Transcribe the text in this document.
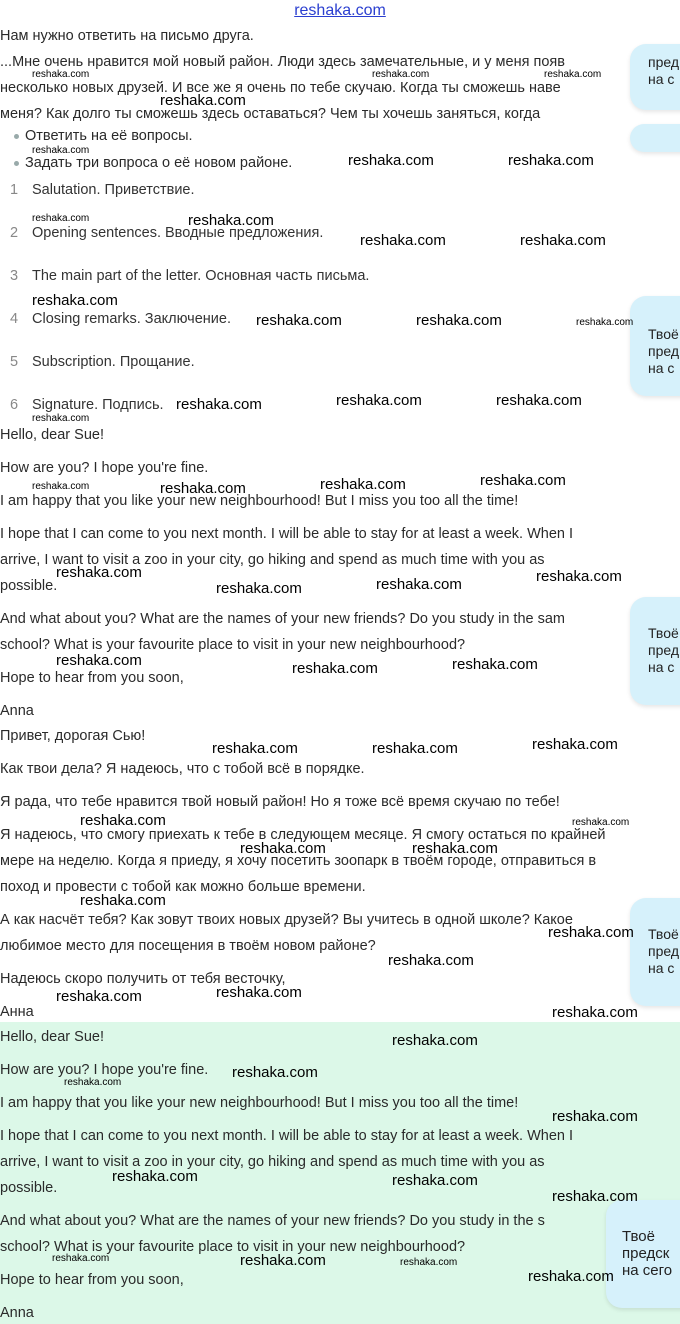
reshaka.com
Нам нужно ответить на письмо друга.
...Мне очень нравится мой новый район. Люди здесь замечательные, и у меня появ
несколько новых друзей. И все же я очень по тебе скучаю. Когда ты сможешь наве
меня? Как долго ты сможешь здесь оставаться? Чем ты хочешь заняться, когда
Ответить на её вопросы.
Задать три вопроса о её новом районе.
1 Salutation. Приветствие.
2 Opening sentences. Вводные предложения.
3 The main part of the letter. Основная часть письма.
4 Closing remarks. Заключение.
5 Subscription. Прощание.
6 Signature. Подпись.
Hello, dear Sue!
How are you? I hope you're fine.
I am happy that you like your new neighbourhood! But I miss you too all the time!
I hope that I can come to you next month. I will be able to stay for at least a week. When I
arrive, I want to visit a zoo in your city, go hiking and spend as much time with you as
possible.
And what about you? What are the names of your new friends? Do you study in the sam
school? What is your favourite place to visit in your new neighbourhood?
Hope to hear from you soon,
Anna
Привет, дорогая Сью!
Как твои дела? Я надеюсь, что с тобой всё в порядке.
Я рада, что тебе нравится твой новый район! Но я тоже всё время скучаю по тебе!
Я надеюсь, что смогу приехать к тебе в следующем месяце. Я смогу остаться по крайней
мере на неделю. Когда я приеду, я хочу посетить зоопарк в твоём городе, отправиться в
поход и провести с тобой как можно больше времени.
А как насчёт тебя? Как зовут твоих новых друзей? Вы учитесь в одной школе? Какое
любимое место для посещения в твоём новом районе?
Надеюсь скоро получить от тебя весточку,
Анна
Hello, dear Sue!
How are you? I hope you're fine.
I am happy that you like your new neighbourhood! But I miss you too all the time!
I hope that I can come to you next month. I will be able to stay for at least a week. When I
arrive, I want to visit a zoo in your city, go hiking and spend as much time with you as
possible.
And what about you? What are the names of your new friends? Do you study in the s
school? What is your favourite place to visit in your new neighbourhood?
Hope to hear from you soon,
Anna
пред
на с
Твоё
пред
на с
Твоё
пред
на с
Твоё
пред
на с
Твоё
предск
на сего
reshaka.com	reshaka.com	reshaka.com
reshaka.com
reshaka.com
reshaka.com	reshaka.com
reshaka.com	reshaka.com
reshaka.com	reshaka.com
reshaka.com
reshaka.com	reshaka.com	reshaka.com
reshaka.com	reshaka.com	reshaka.com
reshaka.com
reshaka.com	reshaka.com	reshaka.com	reshaka.com
reshaka.com
reshaka.com	reshaka.com	reshaka.com
reshaka.com	reshaka.com	reshaka.com
reshaka.com	reshaka.com	reshaka.com
reshaka.com	reshaka.com
reshaka.com	reshaka.com
reshaka.com
reshaka.com
reshaka.com
reshaka.com	reshaka.com
reshaka.com
reshaka.com
reshaka.com
reshaka.com
reshaka.com
reshaka.com	reshaka.com
reshaka.com
reshaka.com	reshaka.com	reshaka.com
reshaka.com
